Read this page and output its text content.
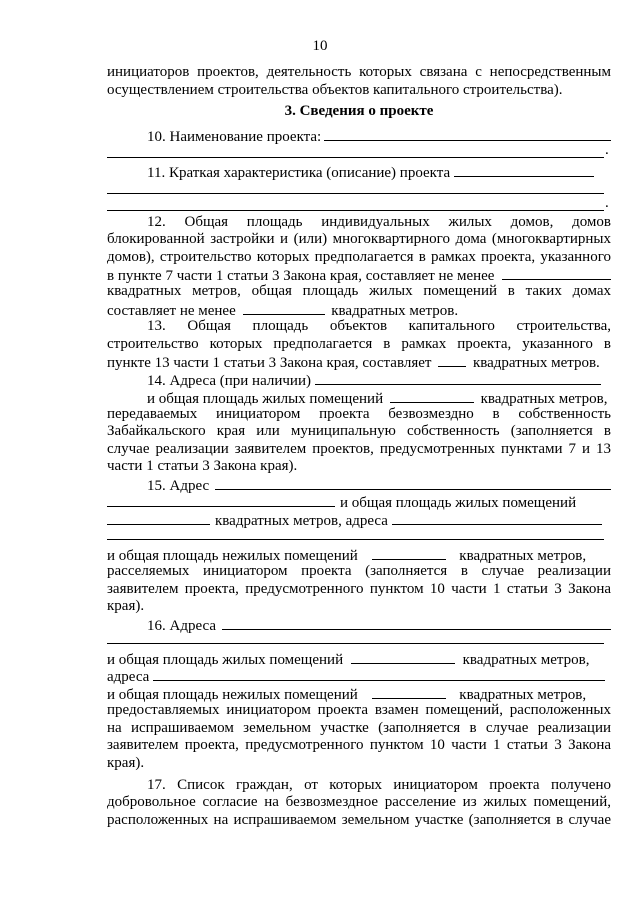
10
инициаторов проектов, деятельность которых связана с непосредственным
осуществлением строительства объектов капитального строительства).
3. Сведения о проекте
10. Наименование проекта:
.
11. Краткая характеристика (описание) проекта
.
12. Общая площадь индивидуальных жилых домов, домов
блокированной застройки и (или) многоквартирного дома (многоквартирных
домов), строительство которых предполагается в рамках проекта, указанного
в пункте 7 части 1 статьи 3 Закона края, составляет не менее
квадратных метров, общая площадь жилых помещений в таких домах
составляет не менее	квадратных метров.
13. Общая площадь объектов капитального строительства,
строительство которых предполагается в рамках проекта, указанного в
пункте 13 части 1 статьи 3 Закона края, составляет	квадратных метров.
14. Адреса (при наличии)
и общая площадь жилых помещений	квадратных метров,
передаваемых инициатором проекта безвозмездно в собственность
Забайкальского края или муниципальную собственность (заполняется в
случае реализации заявителем проектов, предусмотренных пунктами 7 и 13
части 1 статьи 3 Закона края).
15. Адрес
и общая площадь жилых помещений
квадратных метров, адреса
и общая площадь нежилых помещений	квадратных метров,
расселяемых инициатором проекта (заполняется в случае реализации
заявителем проекта, предусмотренного пунктом 10 части 1 статьи 3 Закона
края).
16. Адреса
и общая площадь жилых помещений	квадратных метров,
адреса
и общая площадь нежилых помещений	квадратных метров,
предоставляемых инициатором проекта взамен помещений, расположенных
на испрашиваемом земельном участке (заполняется в случае реализации
заявителем проекта, предусмотренного пунктом 10 части 1 статьи 3 Закона
края).
17. Список граждан, от которых инициатором проекта получено
добровольное согласие на безвозмездное расселение из жилых помещений,
расположенных на испрашиваемом земельном участке (заполняется в случае
